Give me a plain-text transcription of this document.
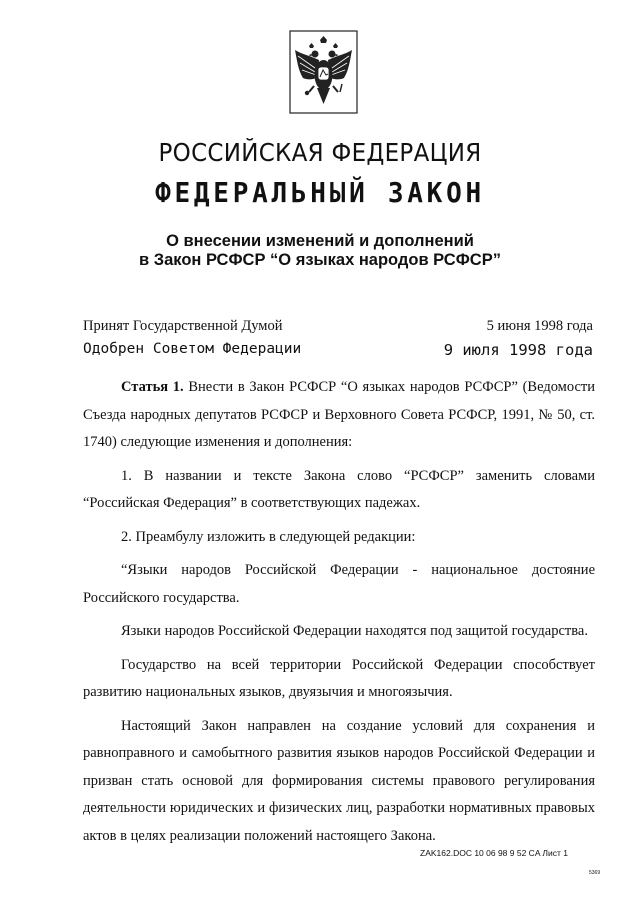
РОССИЙСКАЯ ФЕДЕРАЦИЯ
ФЕДЕРАЛЬНЫЙ ЗАКОН
О внесении изменений и дополнений
в Закон РСФСР “О языках народов РСФСР”
Принят Государственной Думой	5 июня 1998 года
Одобрен Советом Федерации	9 июля 1998 года

Статья 1. Внести в Закон РСФСР “О языках народов РСФСР” (Ведомости Съезда народных депутатов РСФСР и Верховного Совета РСФСР, 1991, № 50, ст. 1740) следующие изменения и дополнения:

1. В названии и тексте Закона слово “РСФСР” заменить словами “Российская Федерация” в соответствующих падежах.

2. Преамбулу изложить в следующей редакции:

“Языки народов Российской Федерации - национальное достояние Российского государства.

Языки народов Российской Федерации находятся под защитой государства.

Государство на всей территории Российской Федерации способствует развитию национальных языков, двуязычия и многоязычия.

Настоящий Закон направлен на создание условий для сохранения и равноправного и самобытного развития языков народов Российской Федерации и призван стать основой для формирования системы правового регулирования деятельности юридических и физических лиц, разработки нормативных правовых актов в целях реализации положений настоящего Закона.

ZAK162.DOC 10 06 98 9 52 CA Лист 1
5369
